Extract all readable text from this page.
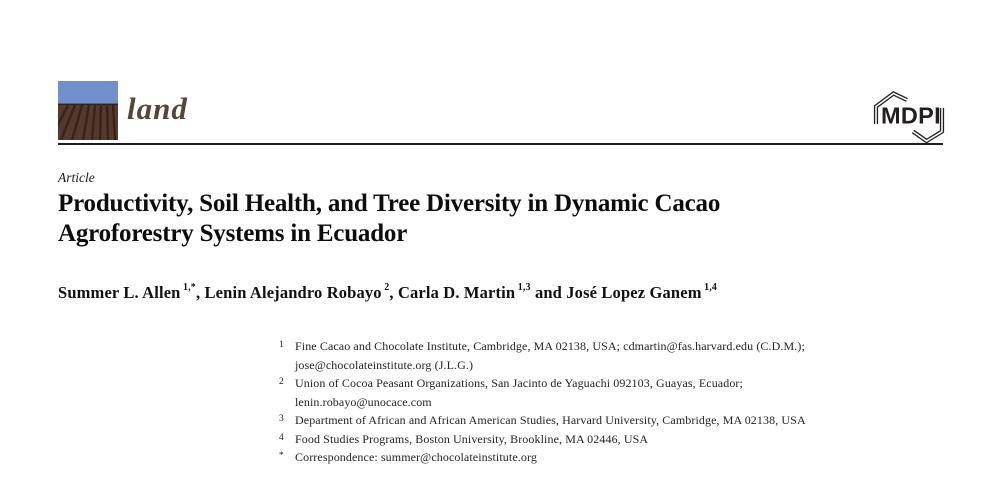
land	MDPI
Article
Productivity, Soil Health, and Tree Diversity in Dynamic Cacao
Agroforestry Systems in Ecuador
Summer L. Allen $^{1,*}$, Lenin Alejandro Robayo $^2$, Carla D. Martin $^{1,3}$ and José Lopez Ganem $^{1,4}$
1 Fine Cacao and Chocolate Institute, Cambridge, MA 02138, USA; cdmartin@fas.harvard.edu (C.D.M.);
jose@chocolateinstitute.org (J.L.G.)
2 Union of Cocoa Peasant Organizations, San Jacinto de Yaguachi 092103, Guayas, Ecuador;
lenin.robayo@unocace.com
3 Department of African and African American Studies, Harvard University, Cambridge, MA 02138, USA
4 Food Studies Programs, Boston University, Brookline, MA 02446, USA
* Correspondence: summer@chocolateinstitute.org
